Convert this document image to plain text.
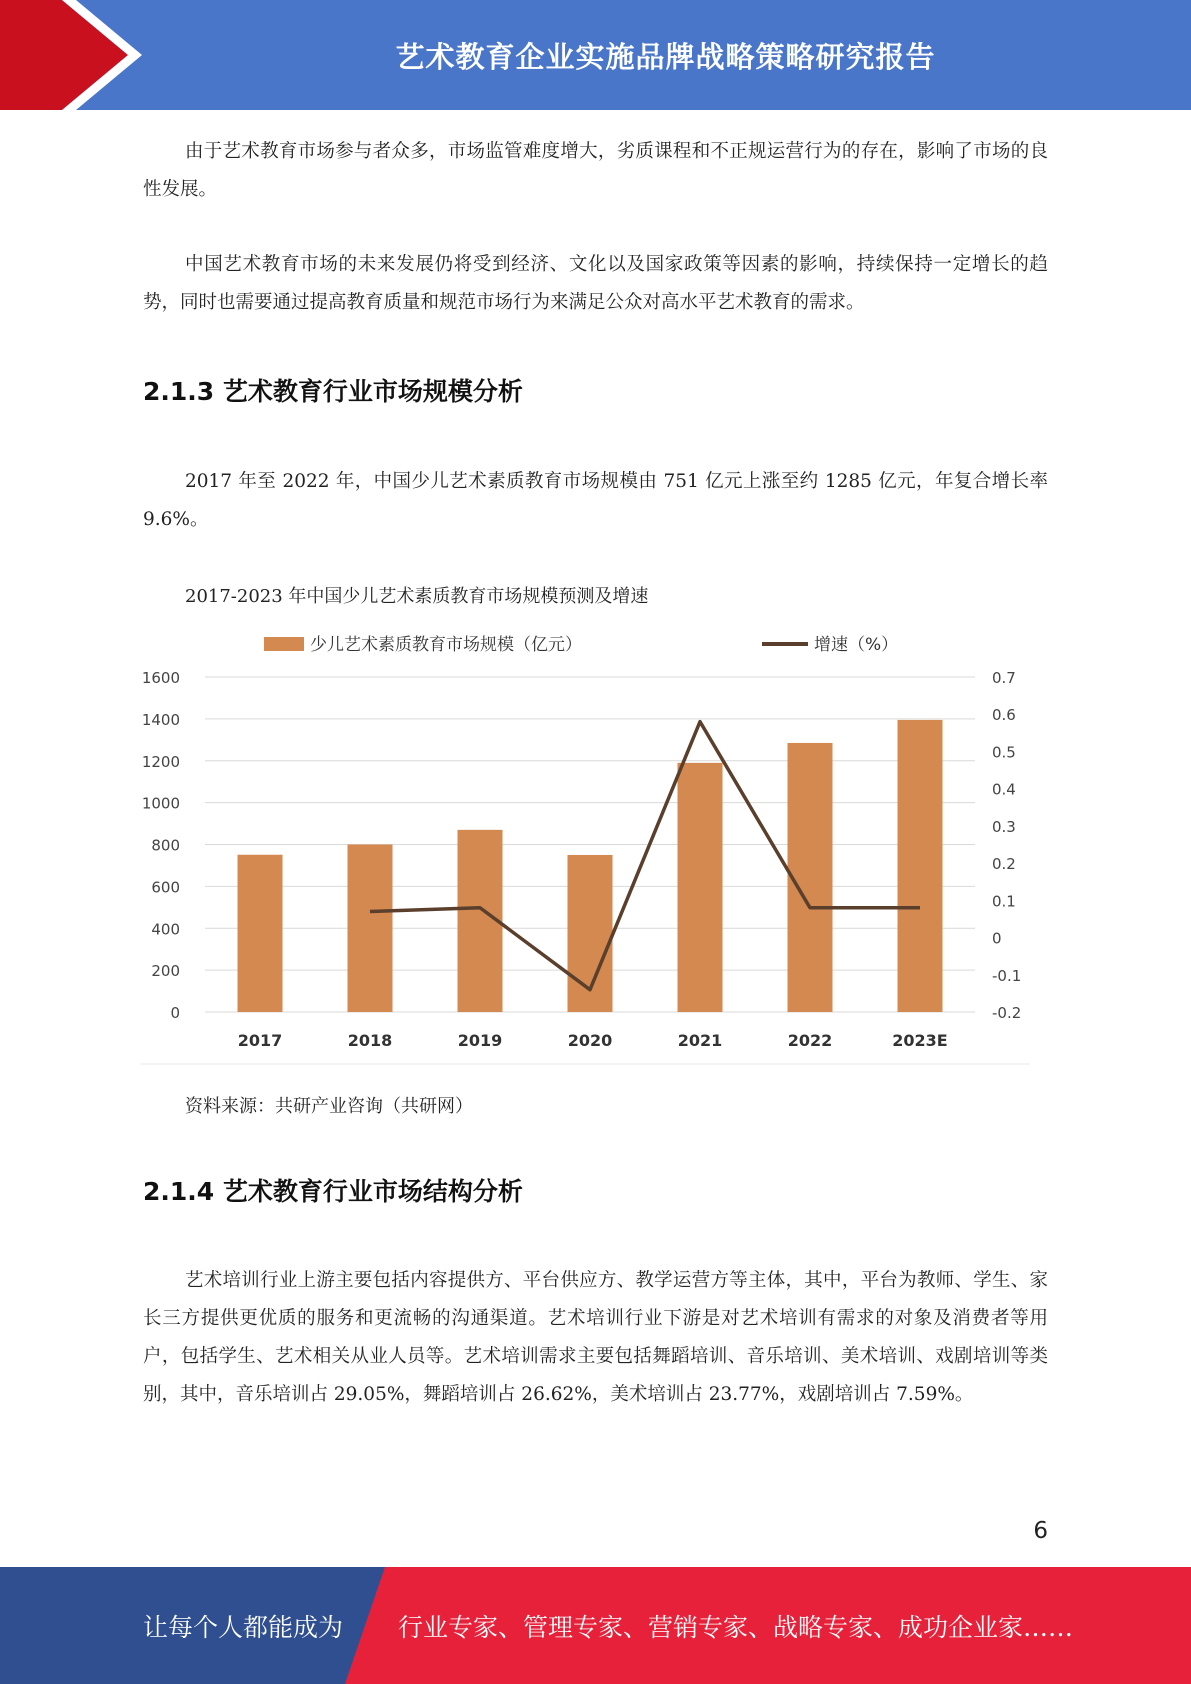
艺术教育企业实施品牌战略策略研究报告

由于艺术教育市场参与者众多，市场监管难度增大，劣质课程和不正规运营行为的存在，影响了市场的良性发展。

中国艺术教育市场的未来发展仍将受到经济、文化以及国家政策等因素的影响，持续保持一定增长的趋势，同时也需要通过提高教育质量和规范市场行为来满足公众对高水平艺术教育的需求。

2.1.3 艺术教育行业市场规模分析

2017 年至 2022 年，中国少儿艺术素质教育市场规模由 751 亿元上涨至约 1285 亿元，年复合增长率 9.6%。

2017-2023 年中国少儿艺术素质教育市场规模预测及增速

少儿艺术素质教育市场规模（亿元）	增速（%）
0
200
400
600
800
1000
1200
1400
1600
-0.2
-0.1
0
0.1
0.2
0.3
0.4
0.5
0.6
0.7
2017	2018	2019	2020	2021	2022	2023E

资料来源：共研产业咨询（共研网）

2.1.4 艺术教育行业市场结构分析

艺术培训行业上游主要包括内容提供方、平台供应方、教学运营方等主体，其中，平台为教师、学生、家长三方提供更优质的服务和更流畅的沟通渠道。艺术培训行业下游是对艺术培训有需求的对象及消费者等用户，包括学生、艺术相关从业人员等。艺术培训需求主要包括舞蹈培训、音乐培训、美术培训、戏剧培训等类别，其中，音乐培训占 29.05%，舞蹈培训占 26.62%，美术培训占 23.77%，戏剧培训占 7.59%。

6
让每个人都能成为 行业专家、管理专家、营销专家、战略专家、成功企业家……
